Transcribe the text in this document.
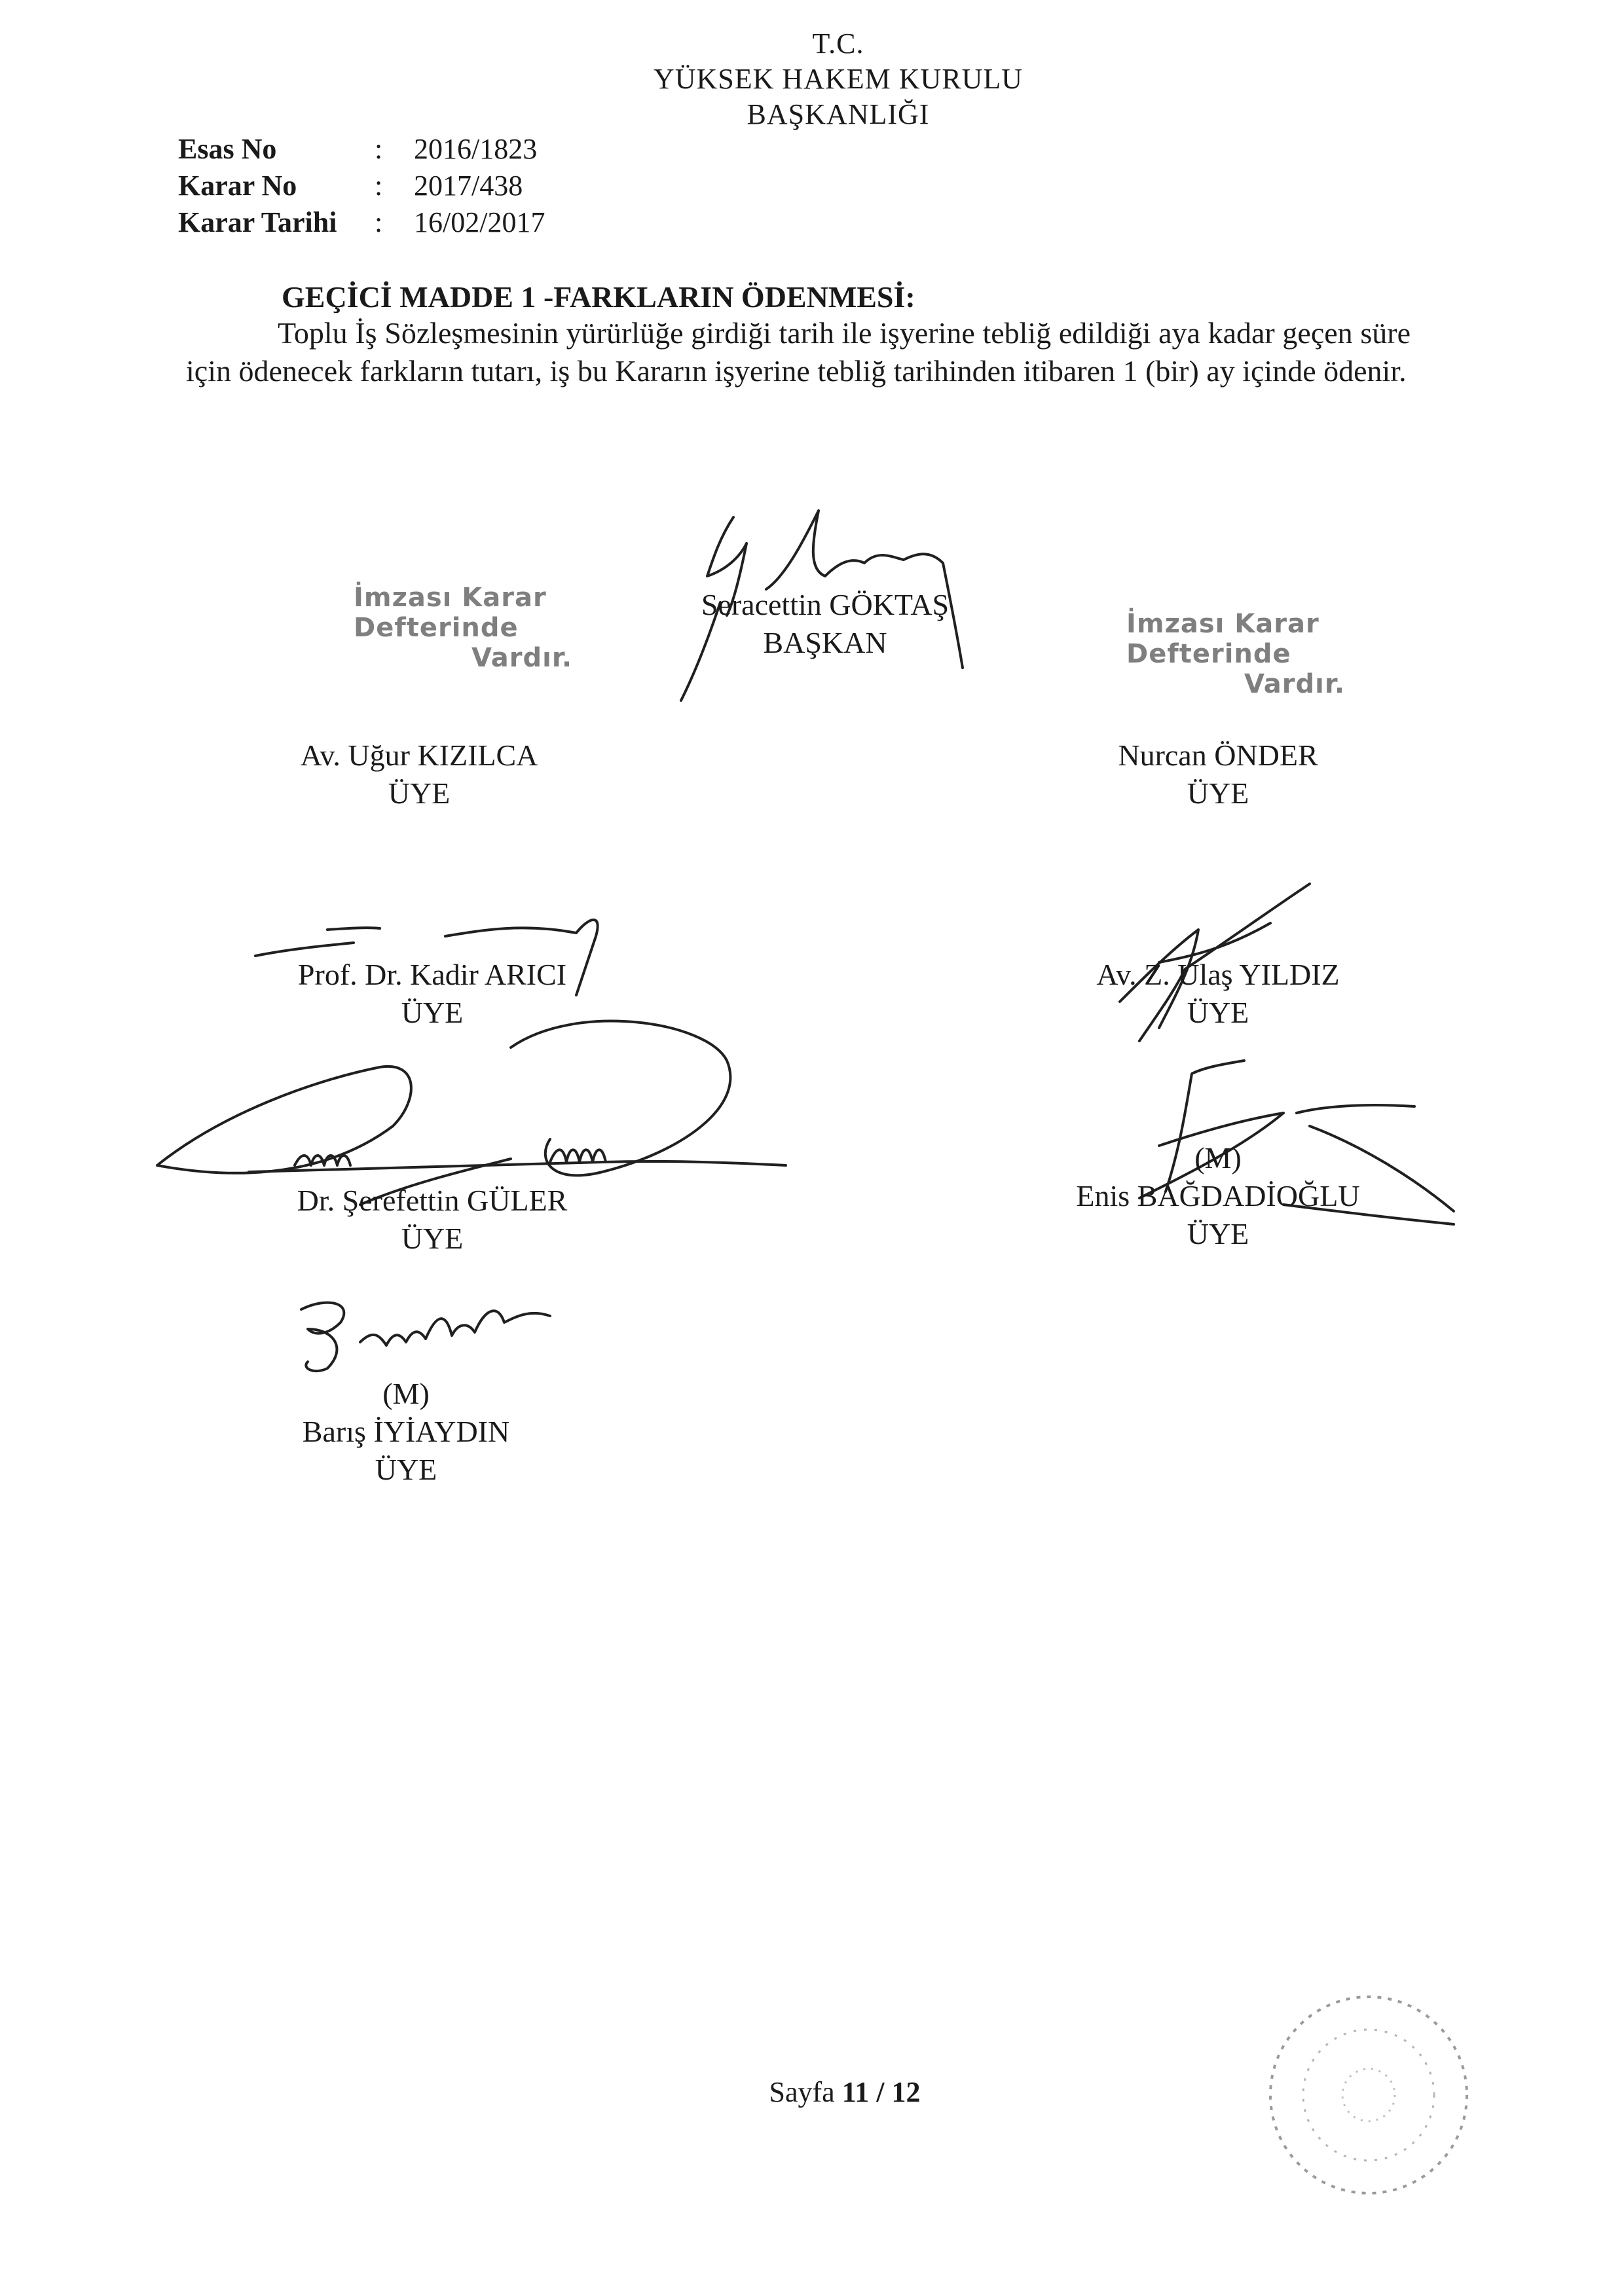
T.C.
YÜKSEK HAKEM KURULU
BAŞKANLIĞI
Esas No	:	2016/1823
Karar No	:	2017/438
Karar Tarihi	:	16/02/2017
GEÇİCİ MADDE 1 -FARKLARIN ÖDENMESİ:
Toplu İş Sözleşmesinin yürürlüğe girdiği tarih ile işyerine tebliğ edildiği aya kadar geçen süre için ödenecek farkların tutarı, iş bu Kararın işyerine tebliğ tarihinden itibaren 1 (bir) ay içinde ödenir.
İmzası Karar Defterinde
Vardır.
Seracettin GÖKTAŞ
BAŞKAN
İmzası Karar Defterinde
Vardır.
Av. Uğur KIZILCA
ÜYE
Nurcan ÖNDER
ÜYE
Prof. Dr. Kadir ARICI
ÜYE
Av. Z. Ulaş YILDIZ
ÜYE
Dr. Şerefettin GÜLER
ÜYE
(M)
Enis BAĞDADİOĞLU
ÜYE
(M)
Barış İYİAYDIN
ÜYE
Sayfa 11 / 12
